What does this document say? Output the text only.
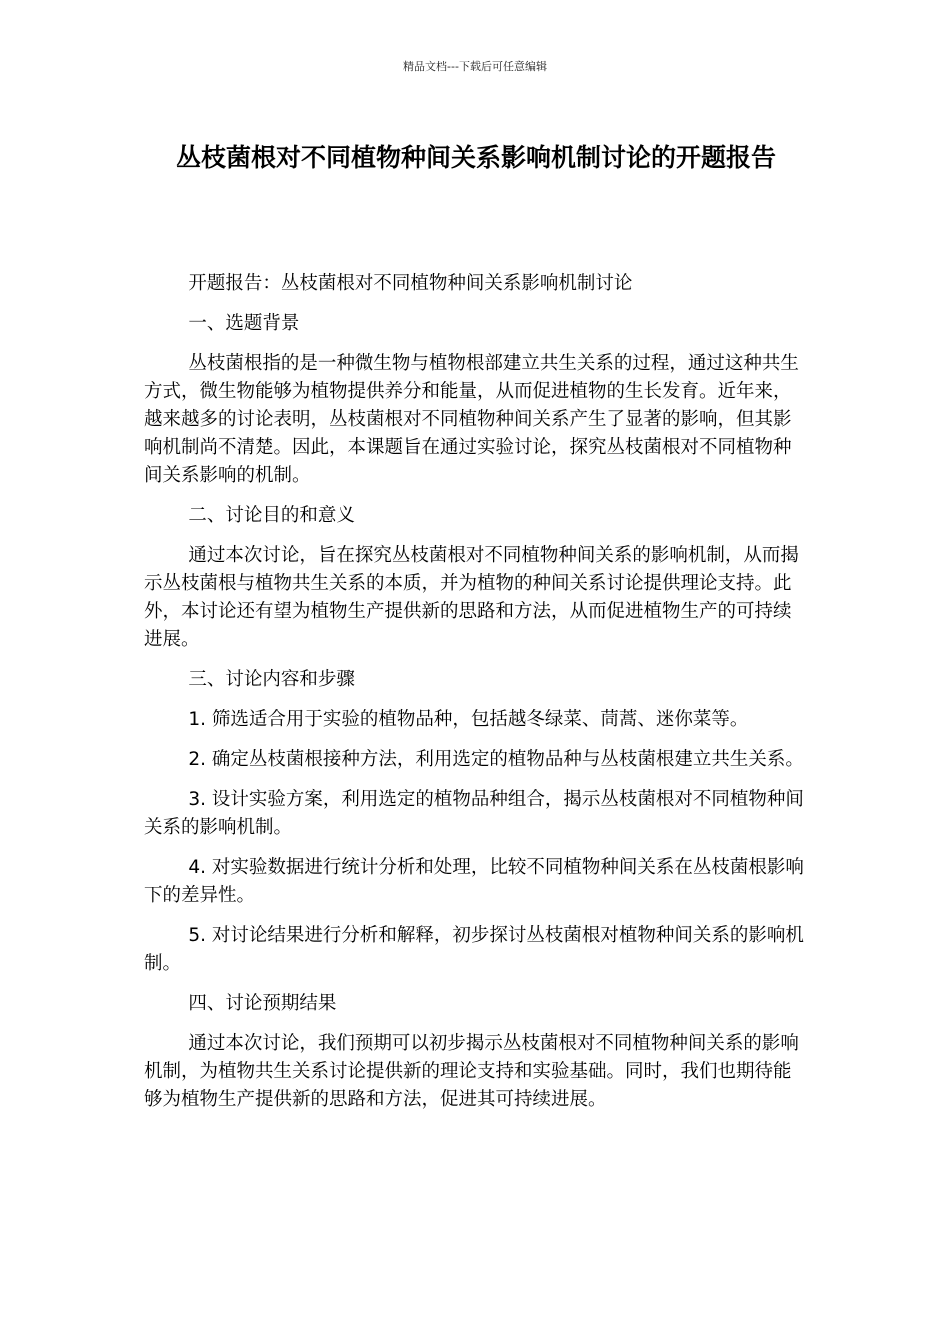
精品文档---下载后可任意编辑
丛枝菌根对不同植物种间关系影响机制讨论的开题报告

开题报告：丛枝菌根对不同植物种间关系影响机制讨论

一、选题背景

丛枝菌根指的是一种微生物与植物根部建立共生关系的过程，通过这种共生方式，微生物能够为植物提供养分和能量，从而促进植物的生长发育。近年来，越来越多的讨论表明，丛枝菌根对不同植物种间关系产生了显著的影响，但其影响机制尚不清楚。因此，本课题旨在通过实验讨论，探究丛枝菌根对不同植物种间关系影响的机制。

二、讨论目的和意义

通过本次讨论，旨在探究丛枝菌根对不同植物种间关系的影响机制，从而揭示丛枝菌根与植物共生关系的本质，并为植物的种间关系讨论提供理论支持。此外，本讨论还有望为植物生产提供新的思路和方法，从而促进植物生产的可持续进展。

三、讨论内容和步骤

1. 筛选适合用于实验的植物品种，包括越冬绿菜、茼蒿、迷你菜等。

2. 确定丛枝菌根接种方法，利用选定的植物品种与丛枝菌根建立共生关系。

3. 设计实验方案，利用选定的植物品种组合，揭示丛枝菌根对不同植物种间关系的影响机制。

4. 对实验数据进行统计分析和处理，比较不同植物种间关系在丛枝菌根影响下的差异性。

5. 对讨论结果进行分析和解释，初步探讨丛枝菌根对植物种间关系的影响机制。

四、讨论预期结果

通过本次讨论，我们预期可以初步揭示丛枝菌根对不同植物种间关系的影响机制，为植物共生关系讨论提供新的理论支持和实验基础。同时，我们也期待能够为植物生产提供新的思路和方法，促进其可持续进展。
